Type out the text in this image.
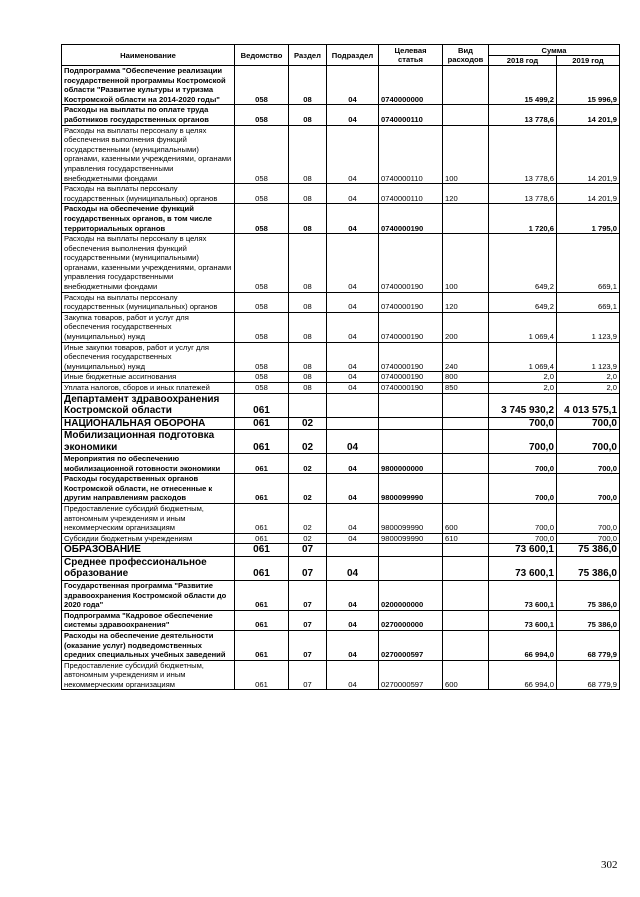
Наименование	Ведомство	Раздел	Подраздел	Целевая статья	Вид расходов	Сумма	
						2018 год	2019 год
Подпрограмма "Обеспечение реализации государственной программы Костромской области "Развитие культуры и туризма Костромской области на 2014-2020 годы"	058	08	04	0740000000		15 499,2	15 996,9
Расходы на выплаты по оплате труда работников государственных органов	058	08	04	0740000110		13 778,6	14 201,9
Расходы на выплаты персоналу в целях обеспечения выполнения функций государственными (муниципальными) органами, казенными учреждениями, органами управления государственными внебюджетными фондами	058	08	04	0740000110	100	13 778,6	14 201,9
Расходы на выплаты персоналу государственных (муниципальных) органов	058	08	04	0740000110	120	13 778,6	14 201,9
Расходы на обеспечение функций государственных органов, в том числе территориальных органов	058	08	04	0740000190		1 720,6	1 795,0
Расходы на выплаты персоналу в целях обеспечения выполнения функций государственными (муниципальными) органами, казенными учреждениями, органами управления государственными внебюджетными фондами	058	08	04	0740000190	100	649,2	669,1
Расходы на выплаты персоналу государственных (муниципальных) органов	058	08	04	0740000190	120	649,2	669,1
Закупка товаров, работ и услуг для обеспечения государственных (муниципальных) нужд	058	08	04	0740000190	200	1 069,4	1 123,9
Иные закупки товаров, работ и услуг для обеспечения государственных (муниципальных) нужд	058	08	04	0740000190	240	1 069,4	1 123,9
Иные бюджетные ассигнования	058	08	04	0740000190	800	2,0	2,0
Уплата налогов, сборов и иных платежей	058	08	04	0740000190	850	2,0	2,0
Департамент здравоохранения Костромской области	061					3 745 930,2	4 013 575,1
НАЦИОНАЛЬНАЯ ОБОРОНА	061	02				700,0	700,0
Мобилизационная подготовка экономики	061	02	04			700,0	700,0
Мероприятия по обеспечению мобилизационной готовности экономики	061	02	04	9800000000		700,0	700,0
Расходы государственных органов Костромской области, не отнесенные к другим направлениям расходов	061	02	04	9800099990		700,0	700,0
Предоставление субсидий бюджетным, автономным учреждениям и иным некоммерческим организациям	061	02	04	9800099990	600	700,0	700,0
Субсидии бюджетным учреждениям	061	02	04	9800099990	610	700,0	700,0
ОБРАЗОВАНИЕ	061	07				73 600,1	75 386,0
Среднее профессиональное образование	061	07	04			73 600,1	75 386,0
Государственная программа "Развитие здравоохранения Костромской области до 2020 года"	061	07	04	0200000000		73 600,1	75 386,0
Подпрограмма "Кадровое обеспечение системы здравоохранения"	061	07	04	0270000000		73 600,1	75 386,0
Расходы на обеспечение деятельности (оказание услуг) подведомственных средних специальных учебных заведений	061	07	04	0270000597		66 994,0	68 779,9
Предоставление субсидий бюджетным, автономным учреждениям и иным некоммерческим организациям	061	07	04	0270000597	600	66 994,0	68 779,9
302
